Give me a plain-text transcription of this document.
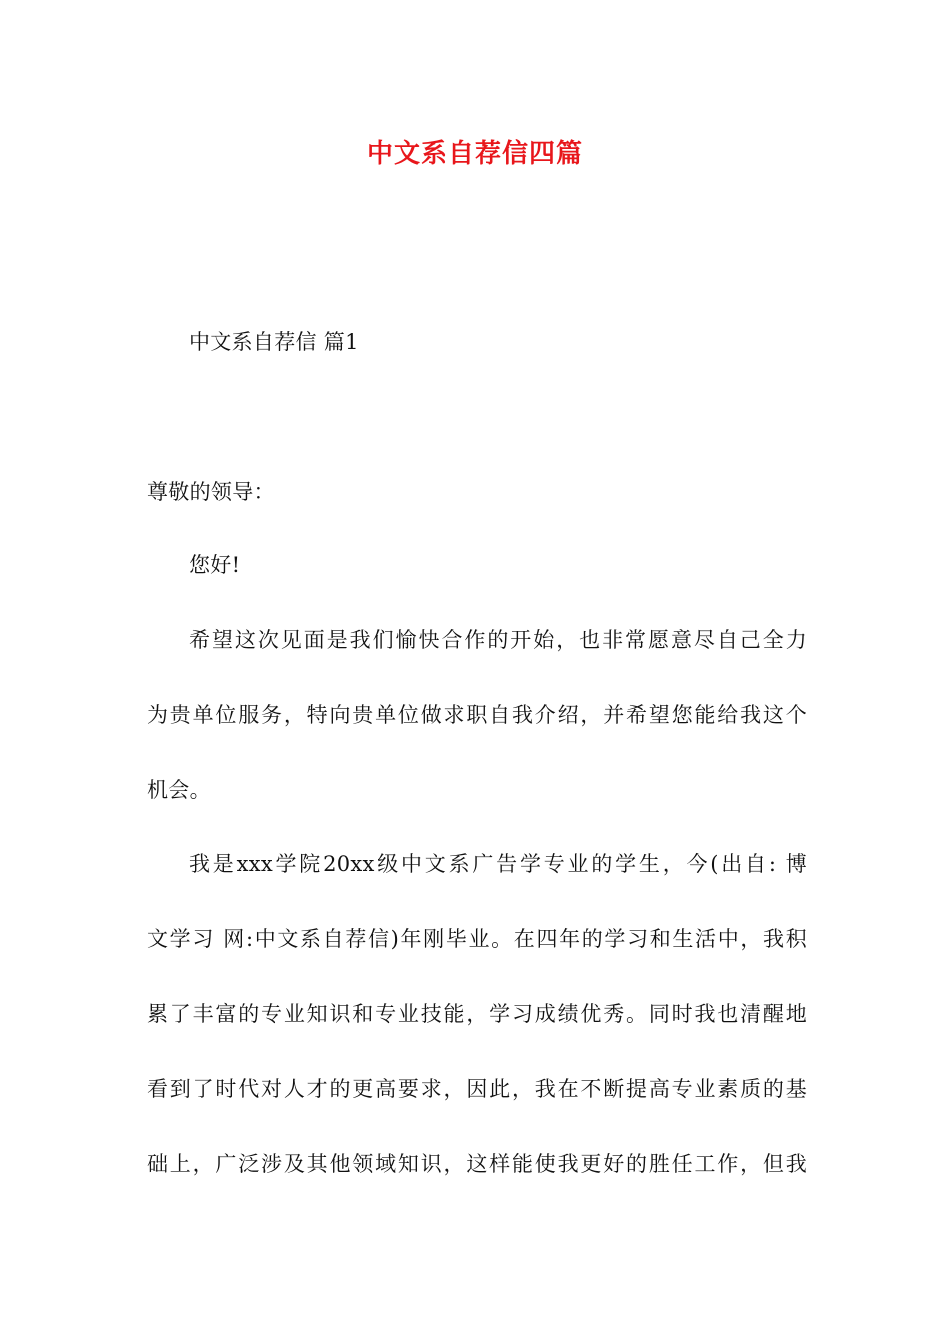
中文系自荐信四篇
中文系自荐信 篇1
尊敬的领导：
您好!
希望这次见面是我们愉快合作的开始，也非常愿意尽自己全力
为贵单位服务，特向贵单位做求职自我介绍，并希望您能给我这个
机会。
我是xxx学院20xx级中文系广告学专业的学生，今(出自: 博
文学习 网:中文系自荐信)年刚毕业。在四年的学习和生活中，我积
累了丰富的专业知识和专业技能，学习成绩优秀。同时我也清醒地
看到了时代对人才的更高要求，因此，我在不断提高专业素质的基
础上，广泛涉及其他领域知识，这样能使我更好的胜任工作，但我
